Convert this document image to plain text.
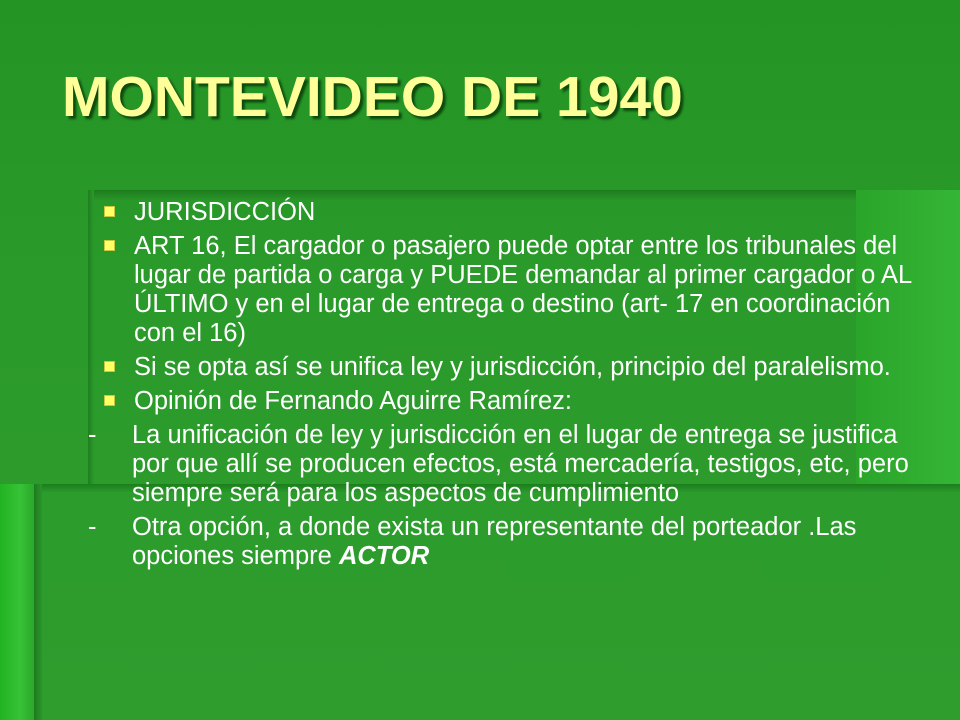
MONTEVIDEO DE 1940
JURISDICCIÓN
ART 16, El cargador o pasajero puede optar entre los tribunales del lugar de partida o carga y PUEDE demandar al primer cargador o AL ÚLTIMO y en el lugar de entrega o destino (art- 17 en coordinación con el 16)
Si se opta así se unifica ley y jurisdicción, principio del paralelismo.
Opinión de Fernando Aguirre Ramírez:
- La unificación de ley y jurisdicción en el lugar de entrega se justifica por que allí se producen efectos, está mercadería, testigos, etc, pero siempre será para los aspectos de cumplimiento
- Otra opción, a donde exista un representante del porteador .Las opciones siempre ACTOR
